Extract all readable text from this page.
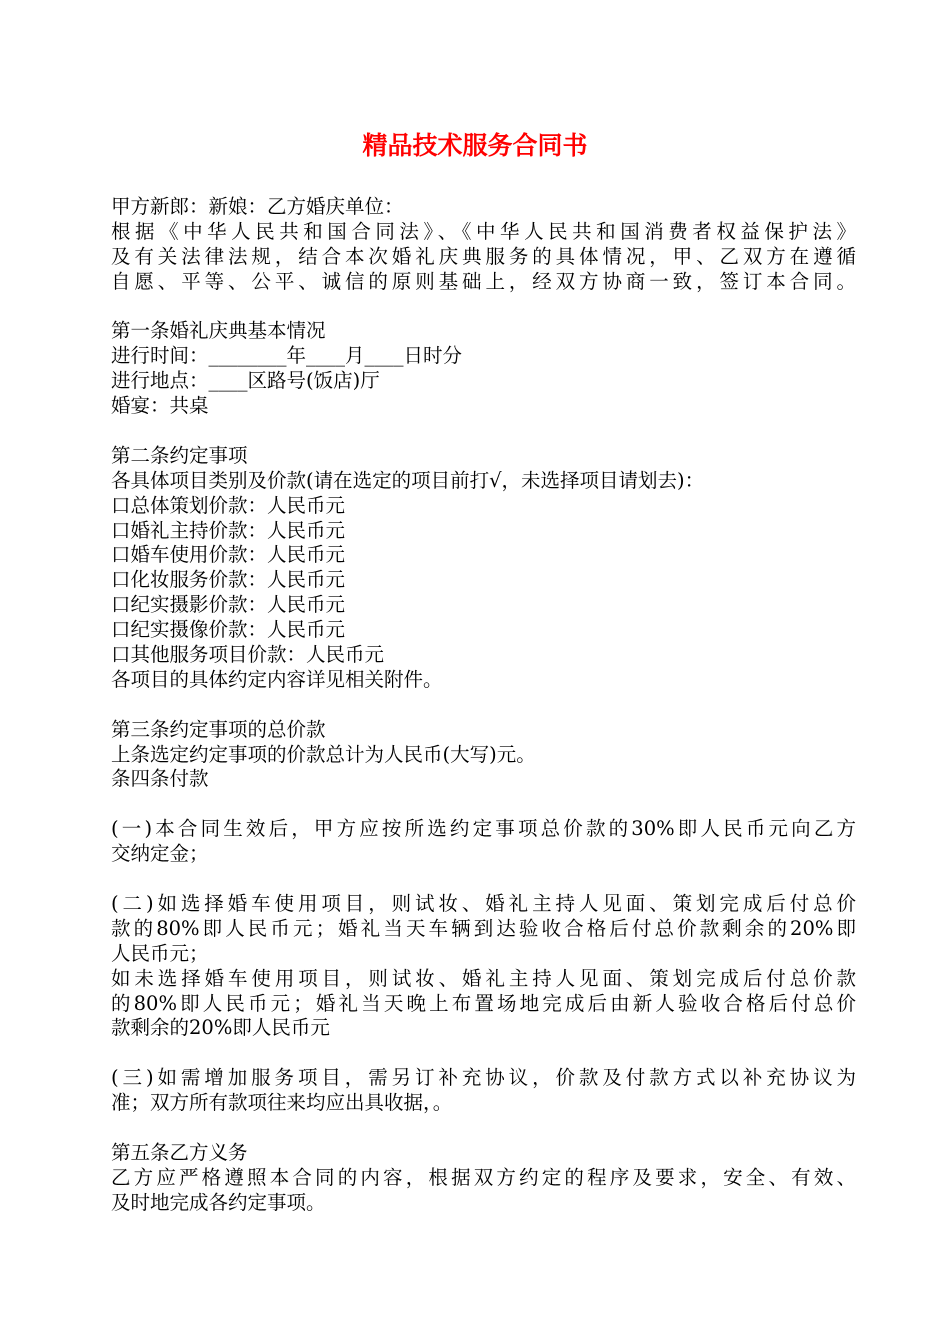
精品技术服务合同书
甲方新郎：新娘：乙方婚庆单位：
根据《中华人民共和国合同法》、《中华人民共和国消费者权益保护法》
及有关法律法规，结合本次婚礼庆典服务的具体情况，甲、乙双方在遵循
自愿、平等、公平、诚信的原则基础上，经双方协商一致，签订本合同。
第一条婚礼庆典基本情况
进行时间：________年____月____日时分
进行地点：____区路号(饭店)厅
婚宴：共桌
第二条约定事项
各具体项目类别及价款(请在选定的项目前打√，未选择项目请划去)：
口总体策划价款：人民币元
口婚礼主持价款：人民币元
口婚车使用价款：人民币元
口化妆服务价款：人民币元
口纪实摄影价款：人民币元
口纪实摄像价款：人民币元
口其他服务项目价款：人民币元
各项目的具体约定内容详见相关附件。
第三条约定事项的总价款
上条选定约定事项的价款总计为人民币(大写)元。
条四条付款
(一)本合同生效后，甲方应按所选约定事项总价款的30%即人民币元向乙方
交纳定金；
(二)如选择婚车使用项目，则试妆、婚礼主持人见面、策划完成后付总价
款的80%即人民币元；婚礼当天车辆到达验收合格后付总价款剩余的20%即
人民币元；
如未选择婚车使用项目，则试妆、婚礼主持人见面、策划完成后付总价款
的80%即人民币元；婚礼当天晚上布置场地完成后由新人验收合格后付总价
款剩余的20%即人民币元
(三)如需增加服务项目，需另订补充协议，价款及付款方式以补充协议为
准；双方所有款项往来均应出具收据，。
第五条乙方义务
乙方应严格遵照本合同的内容，根据双方约定的程序及要求，安全、有效、
及时地完成各约定事项。
